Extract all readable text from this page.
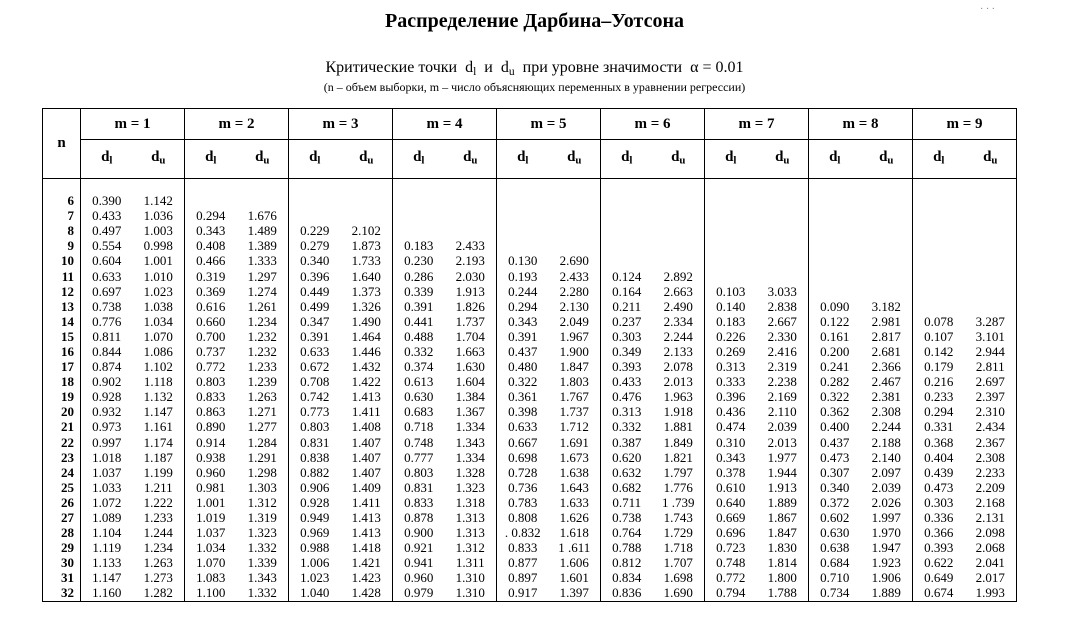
· · ·
Распределение Дарбина–Уотсона
Критические точки $d_l$ и $d_u$ при уровне значимости α = 0.01
(n – объем выборки, m – число объясняющих переменных в уравнении регрессии)
n	m = 1		m = 2		m = 3		m = 4		m = 5		m = 6		m = 7		m = 8		m = 9	
	$d_l$	$d_u$	$d_l$	$d_u$	$d_l$	$d_u$	$d_l$	$d_u$	$d_l$	$d_u$	$d_l$	$d_u$	$d_l$	$d_u$	$d_l$	$d_u$	$d_l$	$d_u$
6	0.390	1.142																
7	0.433	1.036	0.294	1.676														
8	0.497	1.003	0.343	1.489	0.229	2.102												
9	0.554	0.998	0.408	1.389	0.279	1.873	0.183	2.433										
10	0.604	1.001	0.466	1.333	0.340	1.733	0.230	2.193	0.130	2.690								
11	0.633	1.010	0.319	1.297	0.396	1.640	0.286	2.030	0.193	2.433	0.124	2.892						
12	0.697	1.023	0.369	1.274	0.449	1.373	0.339	1.913	0.244	2.280	0.164	2.663	0.103	3.033				
13	0.738	1.038	0.616	1.261	0.499	1.326	0.391	1.826	0.294	2.130	0.211	2.490	0.140	2.838	0.090	3.182		
14	0.776	1.034	0.660	1.234	0.347	1.490	0.441	1.737	0.343	2.049	0.237	2.334	0.183	2.667	0.122	2.981	0.078	3.287
15	0.811	1.070	0.700	1.232	0.391	1.464	0.488	1.704	0.391	1.967	0.303	2.244	0.226	2.330	0.161	2.817	0.107	3.101
16	0.844	1.086	0.737	1.232	0.633	1.446	0.332	1.663	0.437	1.900	0.349	2.133	0.269	2.416	0.200	2.681	0.142	2.944
17	0.874	1.102	0.772	1.233	0.672	1.432	0.374	1.630	0.480	1.847	0.393	2.078	0.313	2.319	0.241	2.366	0.179	2.811
18	0.902	1.118	0.803	1.239	0.708	1.422	0.613	1.604	0.322	1.803	0.433	2.013	0.333	2.238	0.282	2.467	0.216	2.697
19	0.928	1.132	0.833	1.263	0.742	1.413	0.630	1.384	0.361	1.767	0.476	1.963	0.396	2.169	0.322	2.381	0.233	2.397
20	0.932	1.147	0.863	1.271	0.773	1.411	0.683	1.367	0.398	1.737	0.313	1.918	0.436	2.110	0.362	2.308	0.294	2.310
21	0.973	1.161	0.890	1.277	0.803	1.408	0.718	1.334	0.633	1.712	0.332	1.881	0.474	2.039	0.400	2.244	0.331	2.434
22	0.997	1.174	0.914	1.284	0.831	1.407	0.748	1.343	0.667	1.691	0.387	1.849	0.310	2.013	0.437	2.188	0.368	2.367
23	1.018	1.187	0.938	1.291	0.838	1.407	0.777	1.334	0.698	1.673	0.620	1.821	0.343	1.977	0.473	2.140	0.404	2.308
24	1.037	1.199	0.960	1.298	0.882	1.407	0.803	1.328	0.728	1.638	0.632	1.797	0.378	1.944	0.307	2.097	0.439	2.233
25	1.033	1.211	0.981	1.303	0.906	1.409	0.831	1.323	0.736	1.643	0.682	1.776	0.610	1.913	0.340	2.039	0.473	2.209
26	1.072	1.222	1.001	1.312	0.928	1.411	0.833	1.318	0.783	1.633	0.711	1 .739	0.640	1.889	0.372	2.026	0.303	2.168
27	1.089	1.233	1.019	1.319	0.949	1.413	0.878	1.313	0.808	1.626	0.738	1.743	0.669	1.867	0.602	1.997	0.336	2.131
28	1.104	1.244	1.037	1.323	0.969	1.413	0.900	1.313	. 0.832	1.618	0.764	1.729	0.696	1.847	0.630	1.970	0.366	2.098
29	1.119	1.234	1.034	1.332	0.988	1.418	0.921	1.312	0.833	1 .611	0.788	1.718	0.723	1.830	0.638	1.947	0.393	2.068
30	1.133	1.263	1.070	1.339	1.006	1.421	0.941	1.311	0.877	1.606	0.812	1.707	0.748	1.814	0.684	1.923	0.622	2.041
31	1.147	1.273	1.083	1.343	1.023	1.423	0.960	1.310	0.897	1.601	0.834	1.698	0.772	1.800	0.710	1.906	0.649	2.017
32	1.160	1.282	1.100	1.332	1.040	1.428	0.979	1.310	0.917	1.397	0.836	1.690	0.794	1.788	0.734	1.889	0.674	1.993
